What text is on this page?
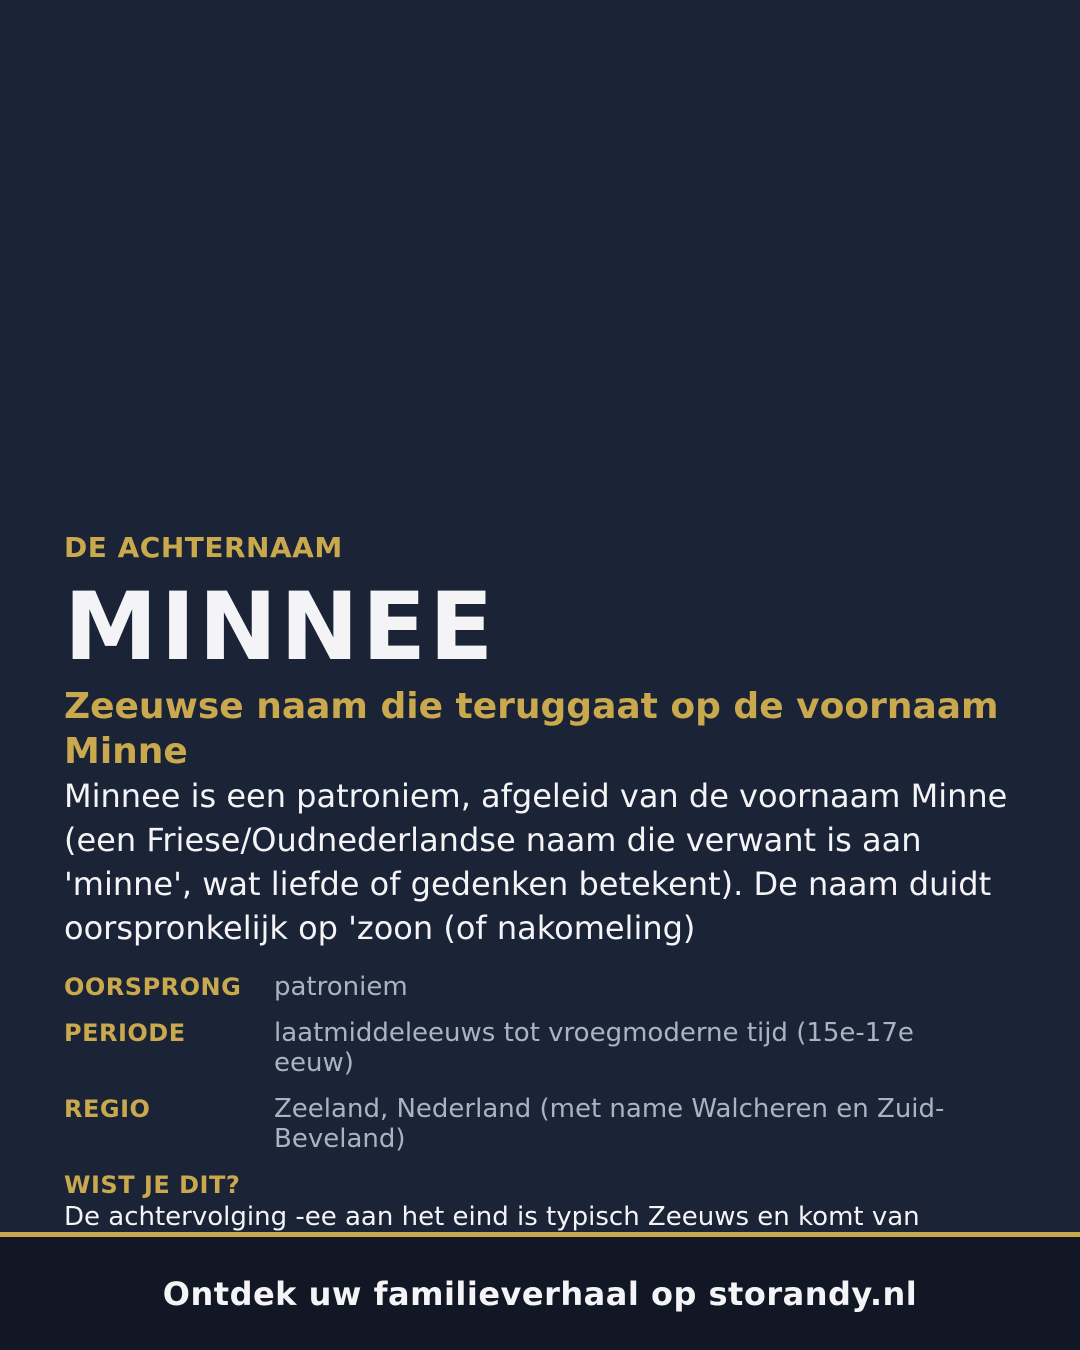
DE ACHTERNAAM
MINNEE
Zeeuwse naam die teruggaat op de voornaam Minne
Minnee is een patroniem, afgeleid van de voornaam Minne (een Friese/Oudnederlandse naam die verwant is aan 'minne', wat liefde of gedenken betekent). De naam duidt oorspronkelijk op 'zoon (of nakomeling)
OORSPRONG	patroniem
PERIODE	laatmiddeleeuws tot vroegmoderne tijd (15e-17e eeuw)
REGIO	Zeeland, Nederland (met name Walcheren en Zuid-Beveland)
WIST JE DIT?
De achtervolging -ee aan het eind is typisch Zeeuws en komt van
Ontdek uw familieverhaal op storandy.nl
